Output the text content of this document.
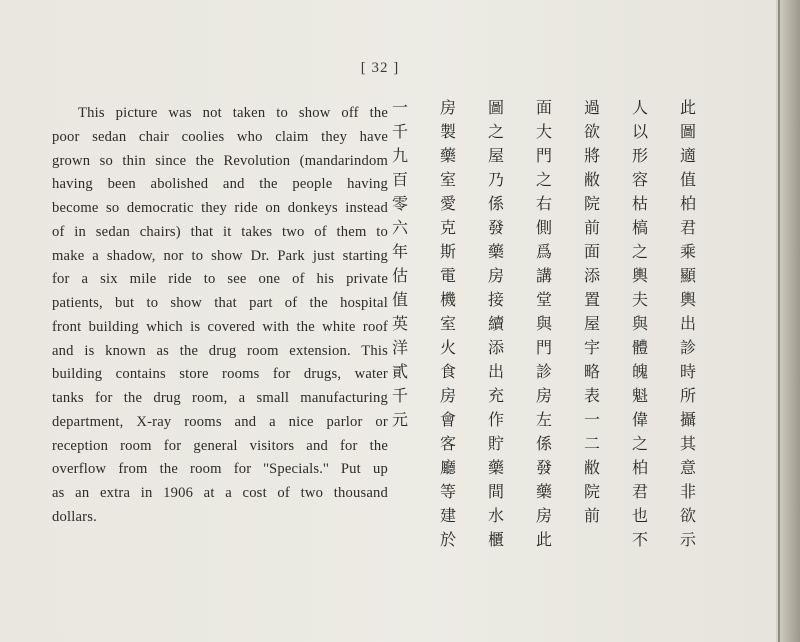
[ 32 ]
This picture was not taken to show off the
poor sedan chair coolies who claim they have
grown so thin since the Revolution (mandarindom
having been abolished and the people having
become so democratic they ride on donkeys instead
of in sedan chairs) that it takes two of them to
make a shadow, nor to show Dr. Park just starting
for a six mile ride to see one of his private
patients, but to show that part of the hospital
front building which is covered with the white roof
and is known as the drug room extension. This
building contains store rooms for drugs, water
tanks for the drug room, a small manufacturing
department, X-ray rooms and a nice parlor or
reception room for general visitors and for the
overflow from the room for ''Specials.'' Put up
as an extra in 1906 at a cost of two thousand
dollars.
此
圖
適
值
柏
君
乘
顯
輿
出
診
時
所
攝
其
意
非
欲
示
人
以
形
容
枯
槁
之
輿
夫
與
體
魄
魁
偉
之
柏
君
也
不
過
欲
將
敝
院
前
面
添
置
屋
宇
略
表
一
二
敝
院
前
面
大
門
之
右
側
爲
講
堂
與
門
診
房
左
係
發
藥
房
此
圖
之
屋
乃
係
發
藥
房
接
續
添
出
充
作
貯
藥
間
水
櫃
房
製
藥
室
愛
克
斯
電
機
室
火
食
房
會
客
廳
等
建
於
一
千
九
百
零
六
年
估
值
英
洋
貳
千
元
